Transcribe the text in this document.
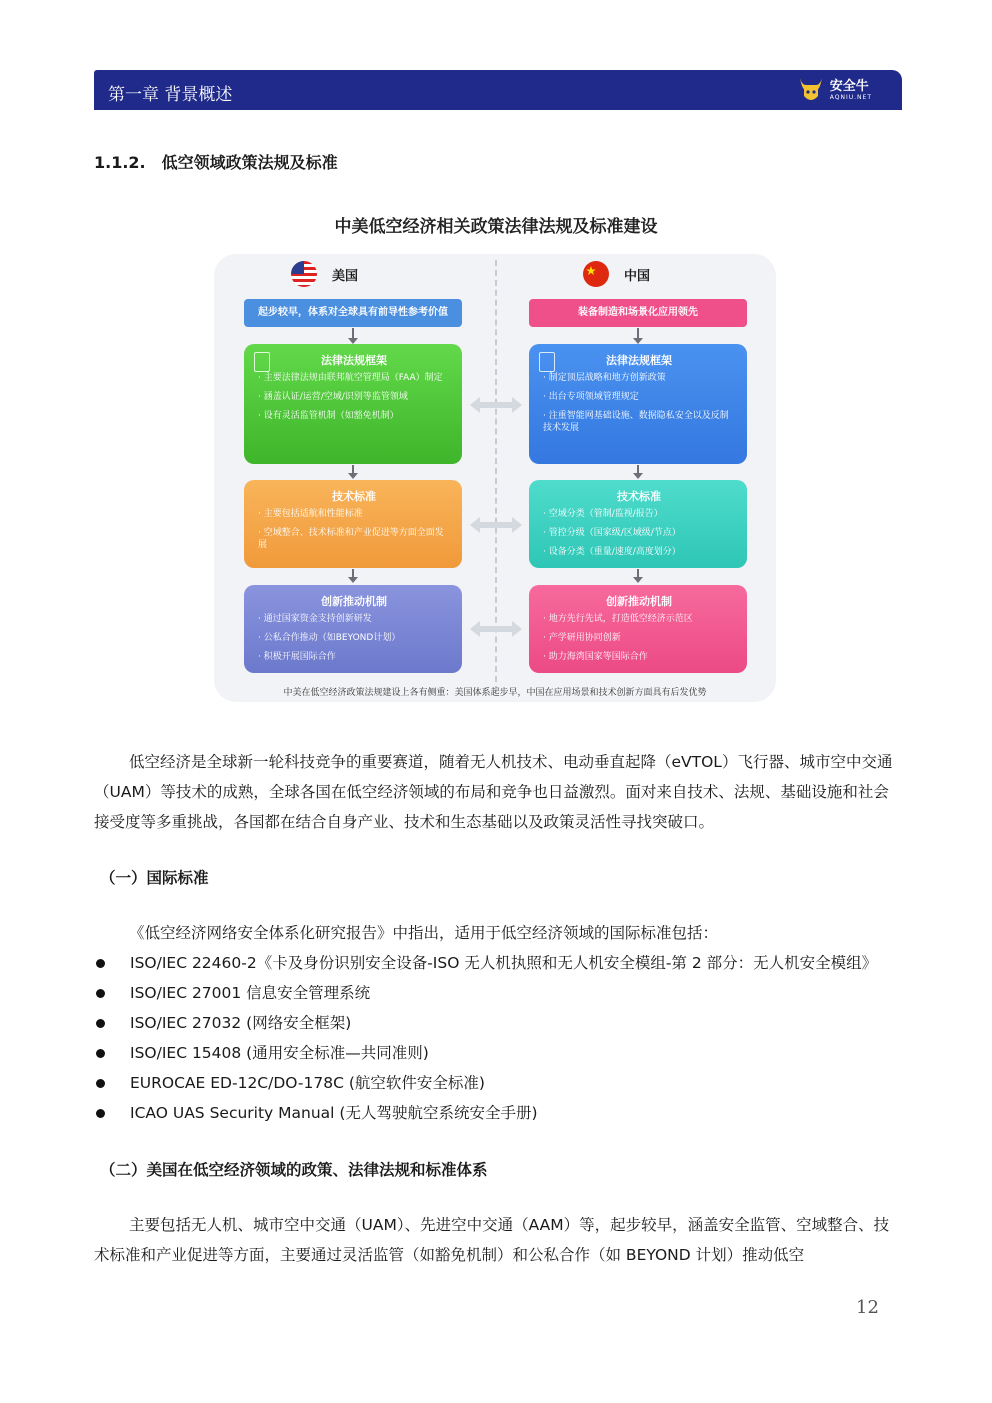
第一章 背景概述	安全牛
AQNIU.NET
1.1.2. 低空领域政策法规及标准
中美低空经济相关政策法律法规及标准建设
美国
起步较早，体系对全球具有前导性参考价值
法律法规框架
· 主要法律法规由联邦航空管理局（FAA）制定
· 涵盖认证/运营/空域/识别等监管领域
· 设有灵活监管机制（如豁免机制）
技术标准
· 主要包括适航和性能标准
· 空域整合、技术标准和产业促进等方面全面发展
创新推动机制
· 通过国家资金支持创新研发
· 公私合作推动（如BEYOND计划）
· 积极开展国际合作
中国
装备制造和场景化应用领先
法律法规框架
· 制定顶层战略和地方创新政策
· 出台专项领域管理规定
· 注重智能网基础设施、数据隐私安全以及反制技术发展
技术标准
· 空域分类（管制/监视/报告）
· 管控分级（国家级/区域级/节点）
· 设备分类（重量/速度/高度划分）
创新推动机制
· 地方先行先试，打造低空经济示范区
· 产学研用协同创新
· 助力海湾国家等国际合作
中美在低空经济政策法规建设上各有侧重：美国体系起步早，中国在应用场景和技术创新方面具有后发优势
低空经济是全球新一轮科技竞争的重要赛道，随着无人机技术、电动垂直起降（eVTOL）飞行器、城市空中交通（UAM）等技术的成熟，全球各国在低空经济领域的布局和竞争也日益激烈。面对来自技术、法规、基础设施和社会接受度等多重挑战，各国都在结合自身产业、技术和生态基础以及政策灵活性寻找突破口。
（一）国际标准
《低空经济网络安全体系化研究报告》中指出，适用于低空经济领域的国际标准包括：
ISO/IEC 22460-2《卡及身份识别安全设备-ISO 无人机执照和无人机安全模组-第 2 部分：无人机安全模组》
ISO/IEC 27001 信息安全管理系统
ISO/IEC 27032 (网络安全框架)
ISO/IEC 15408 (通用安全标准—共同准则)
EUROCAE ED-12C/DO-178C (航空软件安全标准)
ICAO UAS Security Manual (无人驾驶航空系统安全手册)
（二）美国在低空经济领域的政策、法律法规和标准体系
主要包括无人机、城市空中交通（UAM）、先进空中交通（AAM）等，起步较早，涵盖安全监管、空域整合、技术标准和产业促进等方面，主要通过灵活监管（如豁免机制）和公私合作（如 BEYOND 计划）推动低空
12
